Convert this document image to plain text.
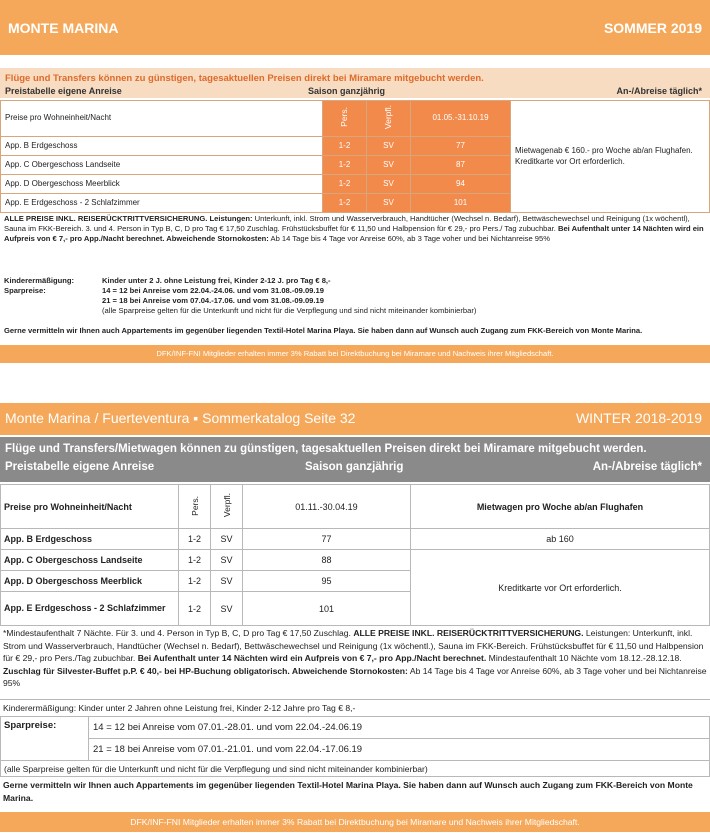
MONTE MARINA	SOMMER 2019
Flüge und Transfers können zu günstigen, tagesaktuellen Preisen direkt bei Miramare mitgebucht werden.
Preistabelle eigene Anreise	Saison ganzjährig	An-/Abreise täglich*
Preise pro Wohneinheit/Nacht	Pers.	Verpfl.	01.05.-31.10.19	Mietwagenab € 160.- pro Woche ab/an Flughafen. Kreditkarte vor Ort erforderlich.
App. B Erdgeschoss	1-2	SV	77	
App. C Obergeschoss Landseite	1-2	SV	87	
App. D Obergeschoss Meerblick	1-2	SV	94	
App. E Erdgeschoss - 2 Schlafzimmer	1-2	SV	101	
ALLE PREISE INKL. REISERÜCKTRITTVERSICHERUNG. Leistungen: Unterkunft, inkl. Strom und Wasserverbrauch, Handtücher (Wechsel n. Bedarf), Bettwäschewechsel und Reinigung (1x wöchentl), Sauna im FKK-Bereich. 3. und 4. Person in Typ B, C, D pro Tag € 17,50 Zuschlag. Frühstücksbuffet für € 11,50 und Halbpension für € 29,- pro Pers./ Tag zubuchbar. Bei Aufenthalt unter 14 Nächten wird ein Aufpreis von € 7,- pro App./Nacht berechnet. Abweichende Stornokosten: Ab 14 Tage bis 4 Tage vor Anreise 60%, ab 3 Tage voher und bei Nichtanreise 95%
Kinderermäßigung:
Sparpreise:
Kinder unter 2 J. ohne Leistung frei, Kinder 2-12 J. pro Tag € 8,-
14 = 12 bei Anreise vom 22.04.-24.06. und vom 31.08.-09.09.19
21 = 18 bei Anreise vom 07.04.-17.06. und vom 31.08.-09.09.19
(alle Sparpreise gelten für die Unterkunft und nicht für die Verpflegung und sind nicht miteinander kombinierbar)
Gerne vermitteln wir Ihnen auch Appartements im gegenüber liegenden Textil-Hotel Marina Playa. Sie haben dann auf Wunsch auch Zugang zum FKK-Bereich von Monte Marina.
DFK/INF-FNI Mitglieder erhalten immer 3% Rabatt bei Direktbuchung bei Miramare und Nachweis ihrer Mitgliedschaft.
Monte Marina / Fuerteventura ▪ Sommerkatalog Seite 32	WINTER 2018-2019
Flüge und Transfers/Mietwagen können zu günstigen, tagesaktuellen Preisen direkt bei Miramare mitgebucht werden.
Preistabelle eigene Anreise	Saison ganzjährig	An-/Abreise täglich*
Preise pro Wohneinheit/Nacht	Pers.	Verpfl.	01.11.-30.04.19	Mietwagen pro Woche ab/an Flughafen
App. B Erdgeschoss	1-2	SV	77	ab 160
App. C Obergeschoss Landseite	1-2	SV	88	Kreditkarte vor Ort erforderlich.
App. D Obergeschoss Meerblick	1-2	SV	95	
App. E Erdgeschoss - 2 Schlafzimmer	1-2	SV	101	
*Mindestaufenthalt 7 Nächte. Für 3. und 4. Person in Typ B, C, D pro Tag € 17,50 Zuschlag. ALLE PREISE INKL. REISERÜCKTRITTVERSICHERUNG. Leistungen: Unterkunft, inkl. Strom und Wasserverbrauch, Handtücher (Wechsel n. Bedarf), Bettwäschewechsel und Reinigung (1x wöchentl.), Sauna im FKK-Bereich. Frühstücksbuffet für € 11,50 und Halbpension für € 29,- pro Pers./Tag zubuchbar. Bei Aufenthalt unter 14 Nächten wird ein Aufpreis von € 7,- pro App./Nacht berechnet. Mindestaufenthalt 10 Nächte vom 18.12.-28.12.18. Zuschlag für Silvester-Buffet p.P. € 40,- bei HP-Buchung obligatorisch. Abweichende Stornokosten: Ab 14 Tage bis 4 Tage vor Anreise 60%, ab 3 Tage voher und bei Nichtanreise 95%
Kinderermäßigung: Kinder unter 2 Jahren ohne Leistung frei, Kinder 2-12 Jahre pro Tag € 8,-
Sparpreise:	14 = 12 bei Anreise vom 07.01.-28.01. und vom 22.04.-24.06.19
21 = 18 bei Anreise vom 07.01.-21.01. und vom 22.04.-17.06.19
(alle Sparpreise gelten für die Unterkunft und nicht für die Verpflegung und sind nicht miteinander kombinierbar)
Gerne vermitteln wir Ihnen auch Appartements im gegenüber liegenden Textil-Hotel Marina Playa. Sie haben dann auf Wunsch auch Zugang zum FKK-Bereich von Monte Marina.
DFK/INF-FNI Mitglieder erhalten immer 3% Rabatt bei Direktbuchung bei Miramare und Nachweis ihrer Mitgliedschaft.
